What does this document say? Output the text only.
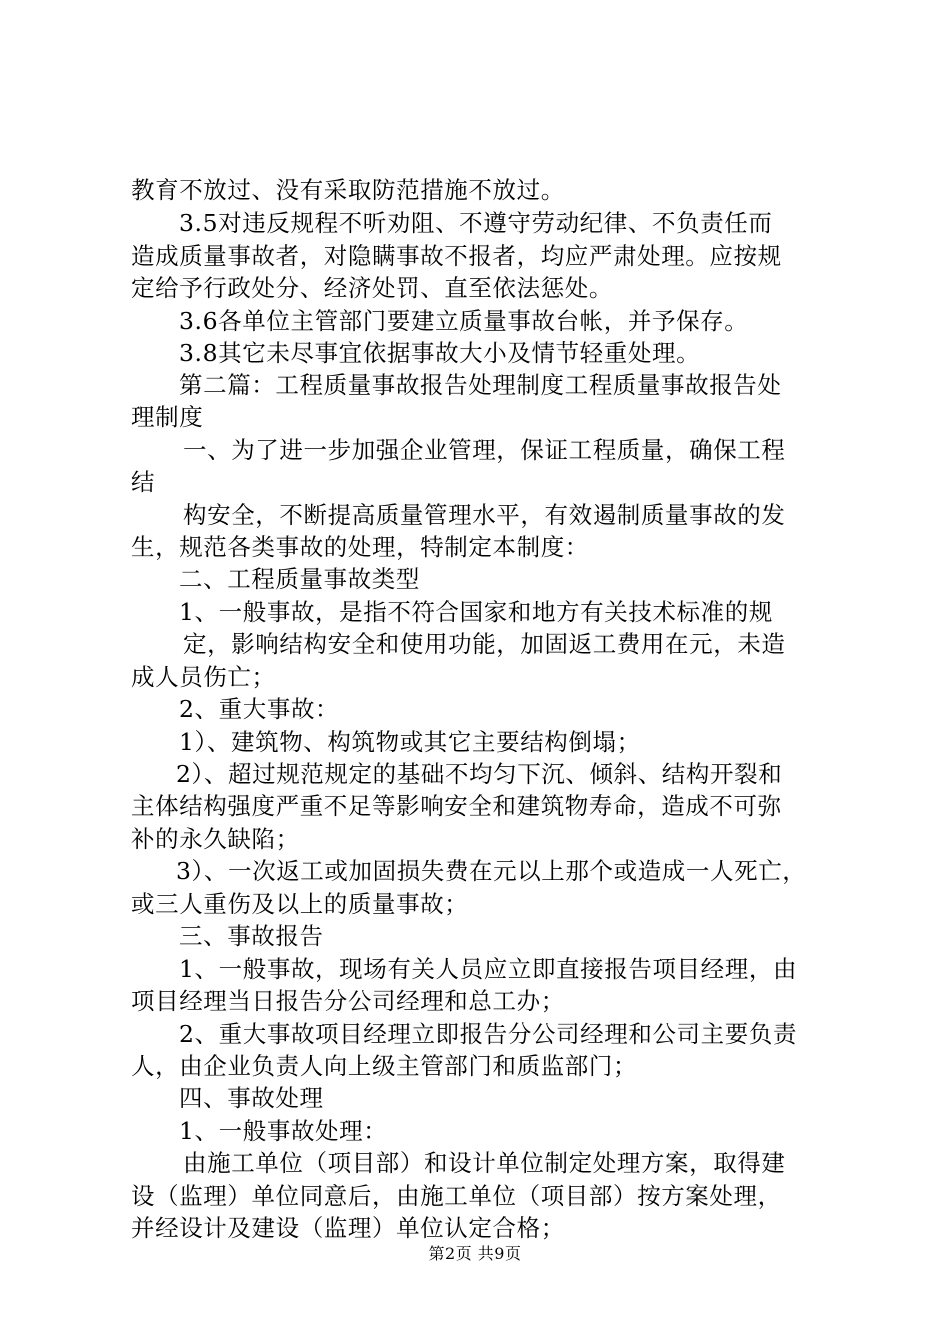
教育不放过、没有采取防范措施不放过。
3.5对违反规程不听劝阻、不遵守劳动纪律、不负责任而
造成质量事故者，对隐瞒事故不报者，均应严肃处理。应按规
定给予行政处分、经济处罚、直至依法惩处。
3.6各单位主管部门要建立质量事故台帐，并予保存。
3.8其它未尽事宜依据事故大小及情节轻重处理。
第二篇：工程质量事故报告处理制度工程质量事故报告处
理制度
一、为了进一步加强企业管理，保证工程质量，确保工程
结
构安全，不断提高质量管理水平，有效遏制质量事故的发
生，规范各类事故的处理，特制定本制度：
二、工程质量事故类型
1、一般事故，是指不符合国家和地方有关技术标准的规
定，影响结构安全和使用功能，加固返工费用在元，未造
成人员伤亡；
2、重大事故：
1）、建筑物、构筑物或其它主要结构倒塌；
2）、超过规范规定的基础不均匀下沉、倾斜、结构开裂和
主体结构强度严重不足等影响安全和建筑物寿命，造成不可弥
补的永久缺陷；
3）、一次返工或加固损失费在元以上那个或造成一人死亡，
或三人重伤及以上的质量事故；
三、事故报告
1、一般事故，现场有关人员应立即直接报告项目经理，由
项目经理当日报告分公司经理和总工办；
2、重大事故项目经理立即报告分公司经理和公司主要负责
人，由企业负责人向上级主管部门和质监部门；
四、事故处理
1、一般事故处理：
由施工单位（项目部）和设计单位制定处理方案，取得建
设（监理）单位同意后，由施工单位（项目部）按方案处理，
并经设计及建设（监理）单位认定合格；
第2页 共9页
